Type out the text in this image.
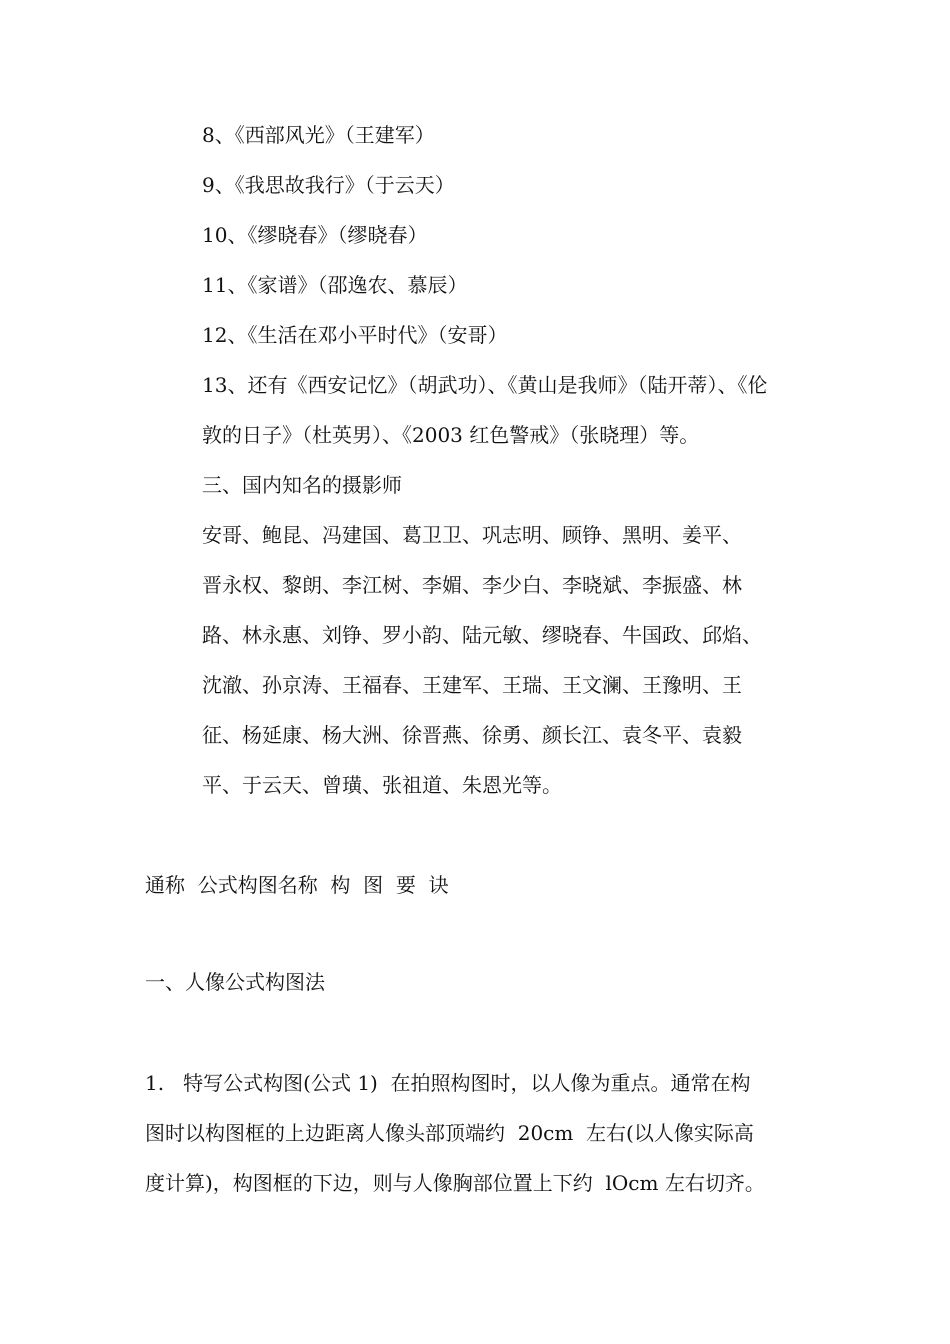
8、《西部风光》（王建军）
9、《我思故我行》（于云天）
10、《缪晓春》（缪晓春）
11、《家谱》（邵逸农、慕辰）
12、《生活在邓小平时代》（安哥）
13、还有《西安记忆》（胡武功）、《黄山是我师》（陆开蒂）、《伦
敦的日子》（杜英男）、《2003 红色警戒》（张晓理）等。
三、国内知名的摄影师
安哥、鲍昆、冯建国、葛卫卫、巩志明、顾铮、黑明、姜平、
晋永权、黎朗、李江树、李媚、李少白、李晓斌、李振盛、林
路、林永惠、刘铮、罗小韵、陆元敏、缪晓春、牛国政、邱焰、
沈澈、孙京涛、王福春、王建军、王瑞、王文澜、王豫明、王
征、杨延康、杨大洲、徐晋燕、徐勇、颜长江、袁冬平、袁毅
平、于云天、曾璜、张祖道、朱恩光等。
通称  公式构图名称  构  图  要  诀
一、人像公式构图法
1.   特写公式构图(公式 1)  在拍照构图时，以人像为重点。通常在构
图时以构图框的上边距离人像头部顶端约  20cm  左右(以人像实际高
度计算)，构图框的下边，则与人像胸部位置上下约  lOcm 左右切齐。
